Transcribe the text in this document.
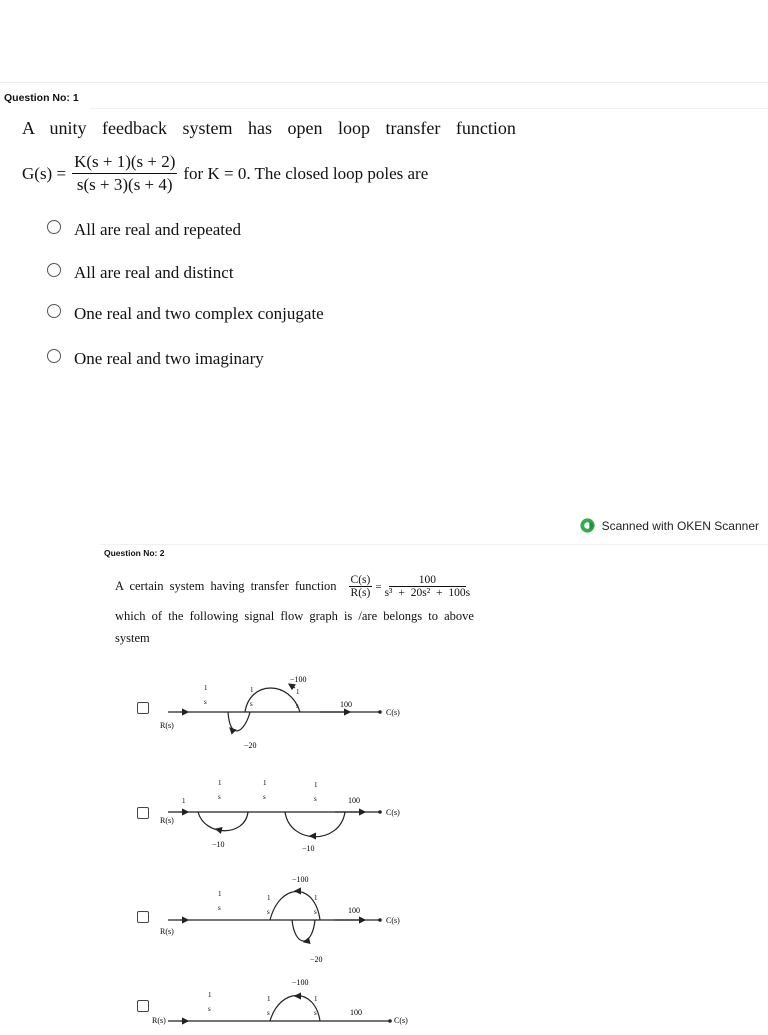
Question No: 1
A unity feedback system has open loop transfer function
$G(s) = \frac{K(s + 1)(s + 2)}{s(s + 3)(s + 4)}$ for K = 0. The closed loop poles are
All are real and repeated
All are real and distinct
One real and two complex conjugate
One real and two imaginary
Scanned with OKEN Scanner
Question No: 2
A certain system having transfer function $\frac{C(s)}{R(s)} = \frac{100}{\text{s³ + 20s² + 100s}}$
which of the following signal flow graph is /are belongs to above
system
1
s
1
s
1
s
−100
−20
100
R(s)
C(s)
1
1
s
1
s
1
s
−10	−10
100
R(s)
C(s)
1
s
1
s
1
s
−100
−20
100
R(s)
C(s)
1
s
1
s
1
s
−100
100
R(s)	C(s)
